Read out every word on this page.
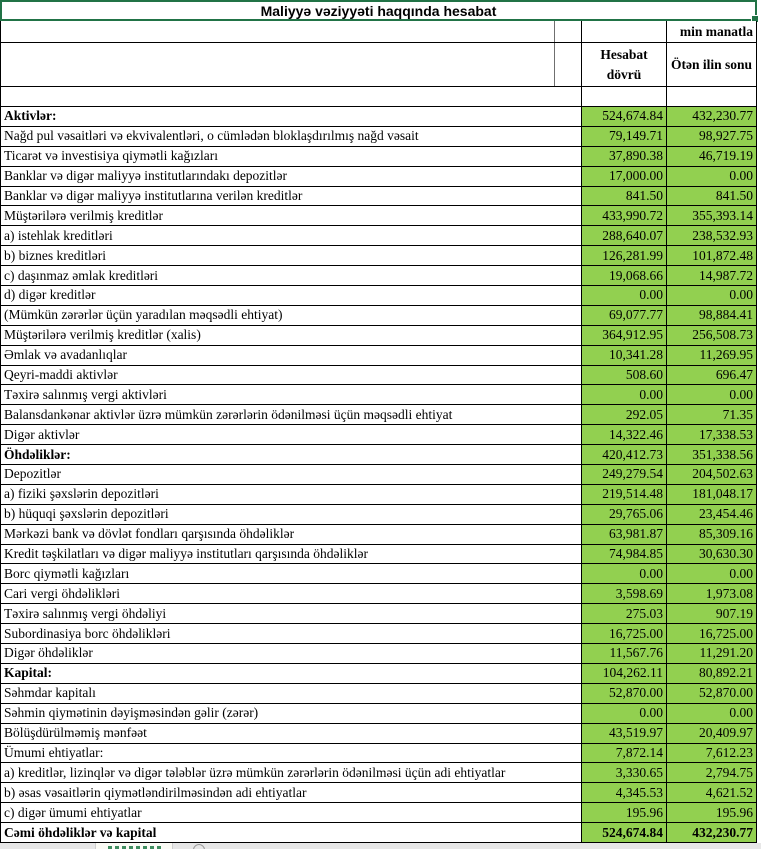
Maliyyə vəziyyəti haqqında hesabat
min manatla
Hesabat dövrü
Ötən ilin sonu
Aktivlər:	524,674.84	432,230.77
Nağd pul vəsaitləri və ekvivalentləri, o cümlədən bloklaşdırılmış nağd vəsait	79,149.71	98,927.75
Ticarət və investisiya qiymətli kağızları	37,890.38	46,719.19
Banklar və digər maliyyə institutlarındakı depozitlər	17,000.00	0.00
Banklar və digər maliyyə institutlarına verilən kreditlər	841.50	841.50
Müştərilərə verilmiş kreditlər	433,990.72	355,393.14
a) istehlak kreditləri	288,640.07	238,532.93
b) biznes kreditləri	126,281.99	101,872.48
c) daşınmaz əmlak kreditləri	19,068.66	14,987.72
d) digər kreditlər	0.00	0.00
(Mümkün zərərlər üçün yaradılan məqsədli ehtiyat)	69,077.77	98,884.41
Müştərilərə verilmiş kreditlər (xalis)	364,912.95	256,508.73
Əmlak və avadanlıqlar	10,341.28	11,269.95
Qeyri-maddi aktivlər	508.60	696.47
Təxirə salınmış vergi aktivləri	0.00	0.00
Balansdankənar aktivlər üzrə mümkün zərərlərin ödənilməsi üçün məqsədli ehtiyat	292.05	71.35
Digər aktivlər	14,322.46	17,338.53
Öhdəliklər:	420,412.73	351,338.56
Depozitlər	249,279.54	204,502.63
a) fiziki şəxslərin depozitləri	219,514.48	181,048.17
b) hüquqi şəxslərin depozitləri	29,765.06	23,454.46
Mərkəzi bank və dövlət fondları qarşısında öhdəliklər	63,981.87	85,309.16
Kredit təşkilatları və digər maliyyə institutları qarşısında öhdəliklər	74,984.85	30,630.30
Borc qiymətli kağızları	0.00	0.00
Cari vergi öhdəlikləri	3,598.69	1,973.08
Təxirə salınmış vergi öhdəliyi	275.03	907.19
Subordinasiya borc öhdəlikləri	16,725.00	16,725.00
Digər öhdəliklər	11,567.76	11,291.20
Kapital:	104,262.11	80,892.21
Səhmdar kapitalı	52,870.00	52,870.00
Səhmin qiymətinin dəyişməsindən gəlir (zərər)	0.00	0.00
Bölüşdürülməmiş mənfəət	43,519.97	20,409.97
Ümumi ehtiyatlar:	7,872.14	7,612.23
a) kreditlər, lizinqlər və digər tələblər üzrə mümkün zərərlərin ödənilməsi üçün adi ehtiyatlar	3,330.65	2,794.75
b) əsas vəsaitlərin qiymətləndirilməsindən adi ehtiyatlar	4,345.53	4,621.52
c) digər ümumi ehtiyatlar	195.96	195.96
Cəmi öhdəliklər və kapital	524,674.84	432,230.77
